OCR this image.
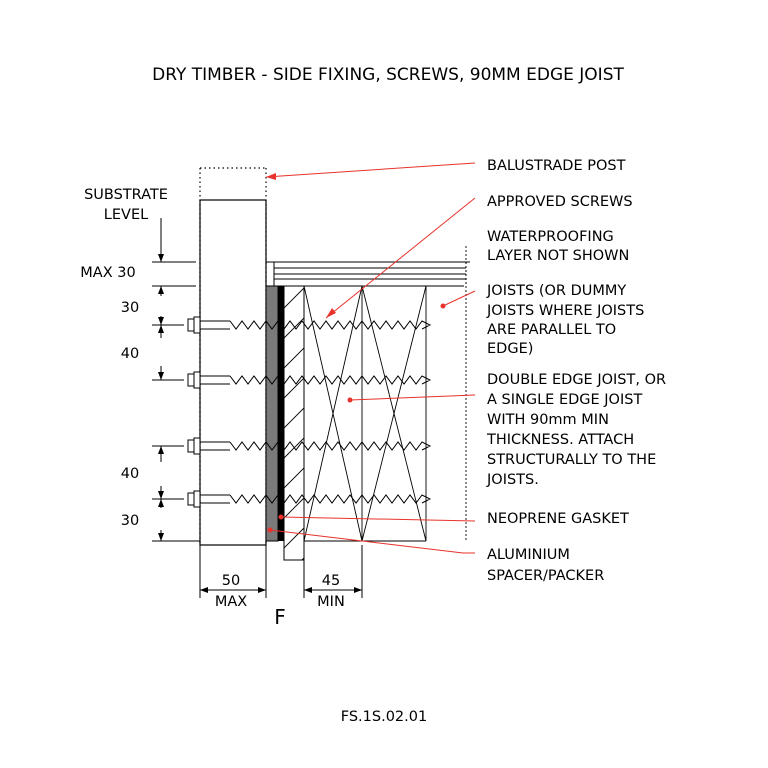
DRY TIMBER - SIDE FIXING, SCREWS, 90MM EDGE JOIST
SUBSTRATE
LEVEL
MAX 30
30
40
40
30
50
MAX
45
MIN
F
BALUSTRADE POST
APPROVED SCREWS
WATERPROOFING
LAYER NOT SHOWN
JOISTS (OR DUMMY
JOISTS WHERE JOISTS
ARE PARALLEL TO
EDGE)
DOUBLE EDGE JOIST, OR
A SINGLE EDGE JOIST
WITH 90mm MIN
THICKNESS. ATTACH
STRUCTURALLY TO THE
JOISTS.
NEOPRENE GASKET
ALUMINIUM
SPACER/PACKER
FS.1S.02.01
